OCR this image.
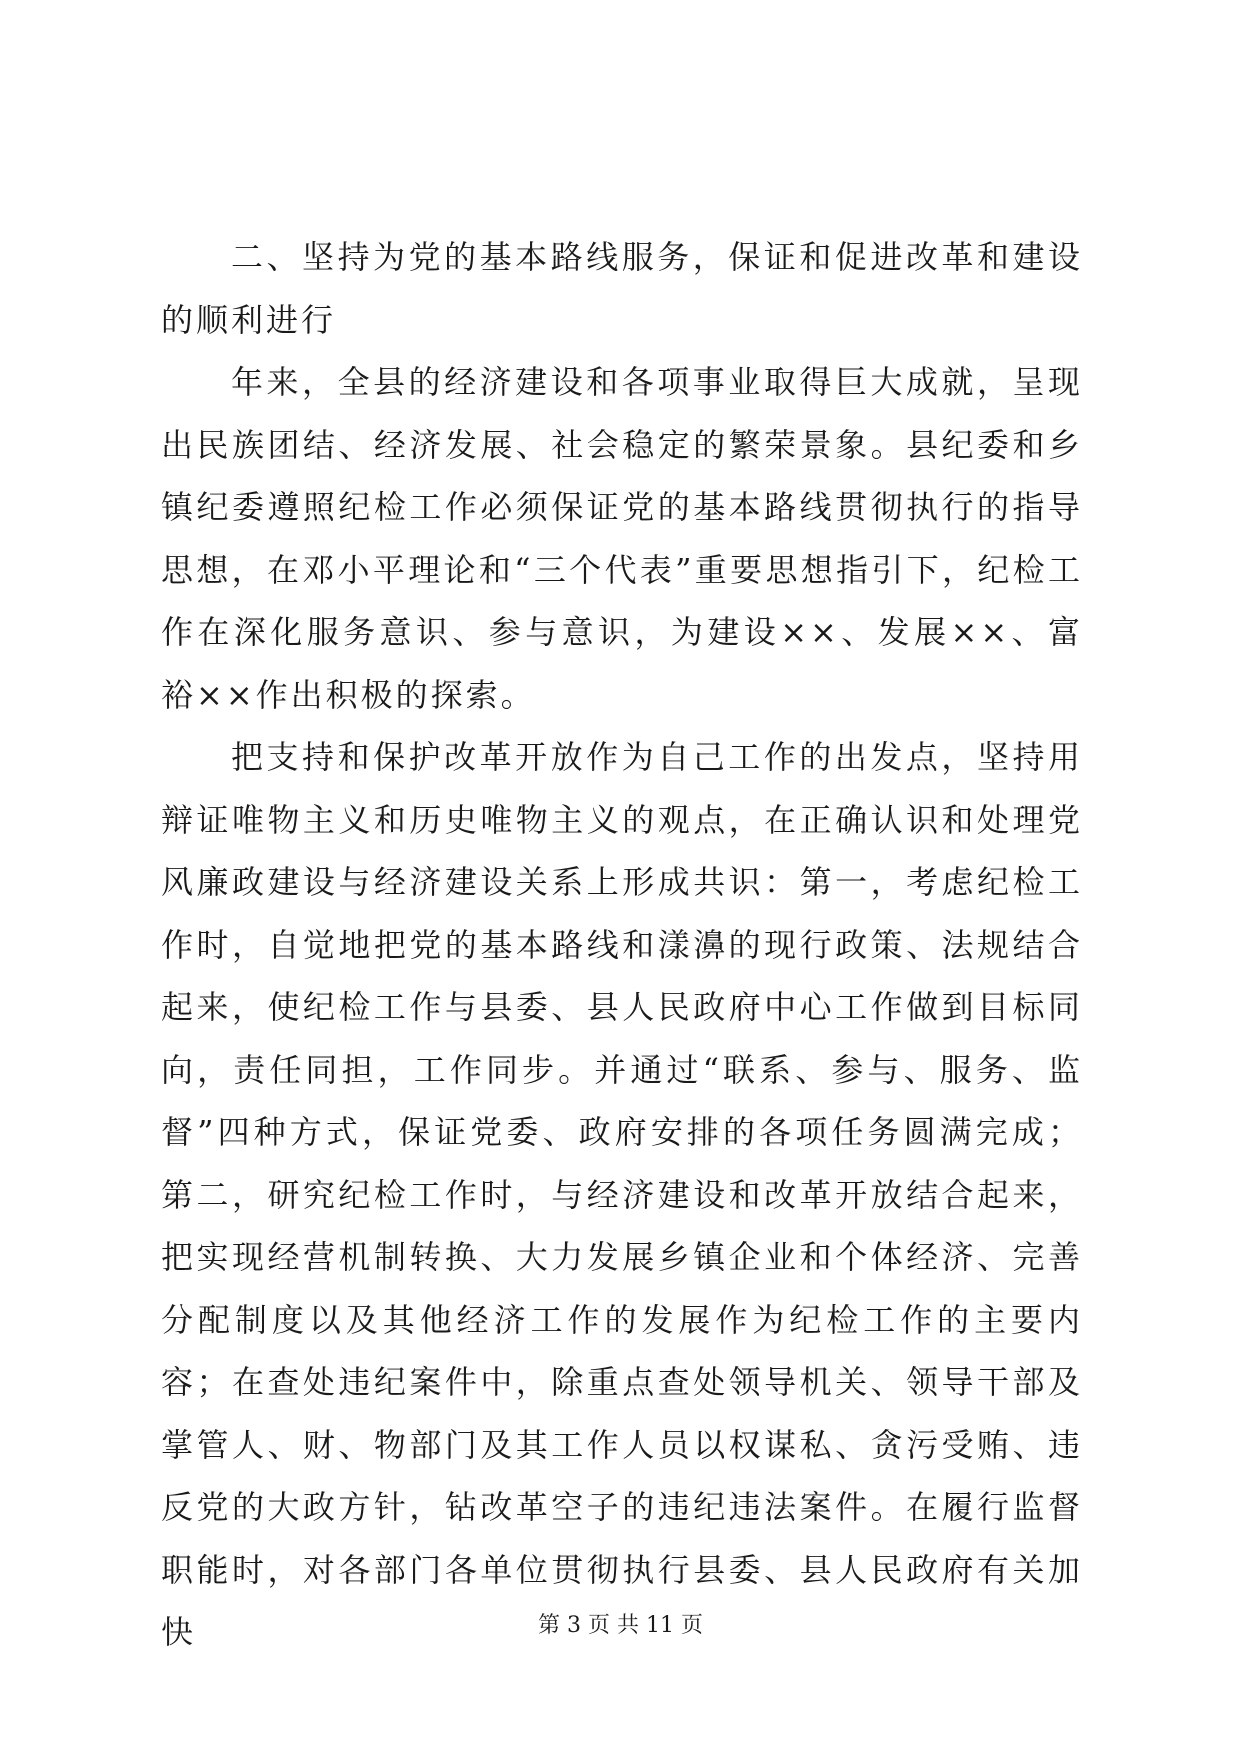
二、坚持为党的基本路线服务，保证和促进改革和建设的顺利进行

年来，全县的经济建设和各项事业取得巨大成就，呈现出民族团结、经济发展、社会稳定的繁荣景象。县纪委和乡镇纪委遵照纪检工作必须保证党的基本路线贯彻执行的指导思想，在邓小平理论和“三个代表”重要思想指引下，纪检工作在深化服务意识、参与意识，为建设××、发展××、富裕××作出积极的探索。

把支持和保护改革开放作为自己工作的出发点，坚持用辩证唯物主义和历史唯物主义的观点，在正确认识和处理党风廉政建设与经济建设关系上形成共识：第一，考虑纪检工作时，自觉地把党的基本路线和漾濞的现行政策、法规结合起来，使纪检工作与县委、县人民政府中心工作做到目标同向，责任同担，工作同步。并通过“联系、参与、服务、监督”四种方式，保证党委、政府安排的各项任务圆满完成；第二，研究纪检工作时，与经济建设和改革开放结合起来，把实现经营机制转换、大力发展乡镇企业和个体经济、完善分配制度以及其他经济工作的发展作为纪检工作的主要内容；在查处违纪案件中，除重点查处领导机关、领导干部及掌管人、财、物部门及其工作人员以权谋私、贪污受贿、违反党的大政方针，钻改革空子的违纪违法案件。在履行监督职能时，对各部门各单位贯彻执行县委、县人民政府有关加快	第 3 页 共 11 页
